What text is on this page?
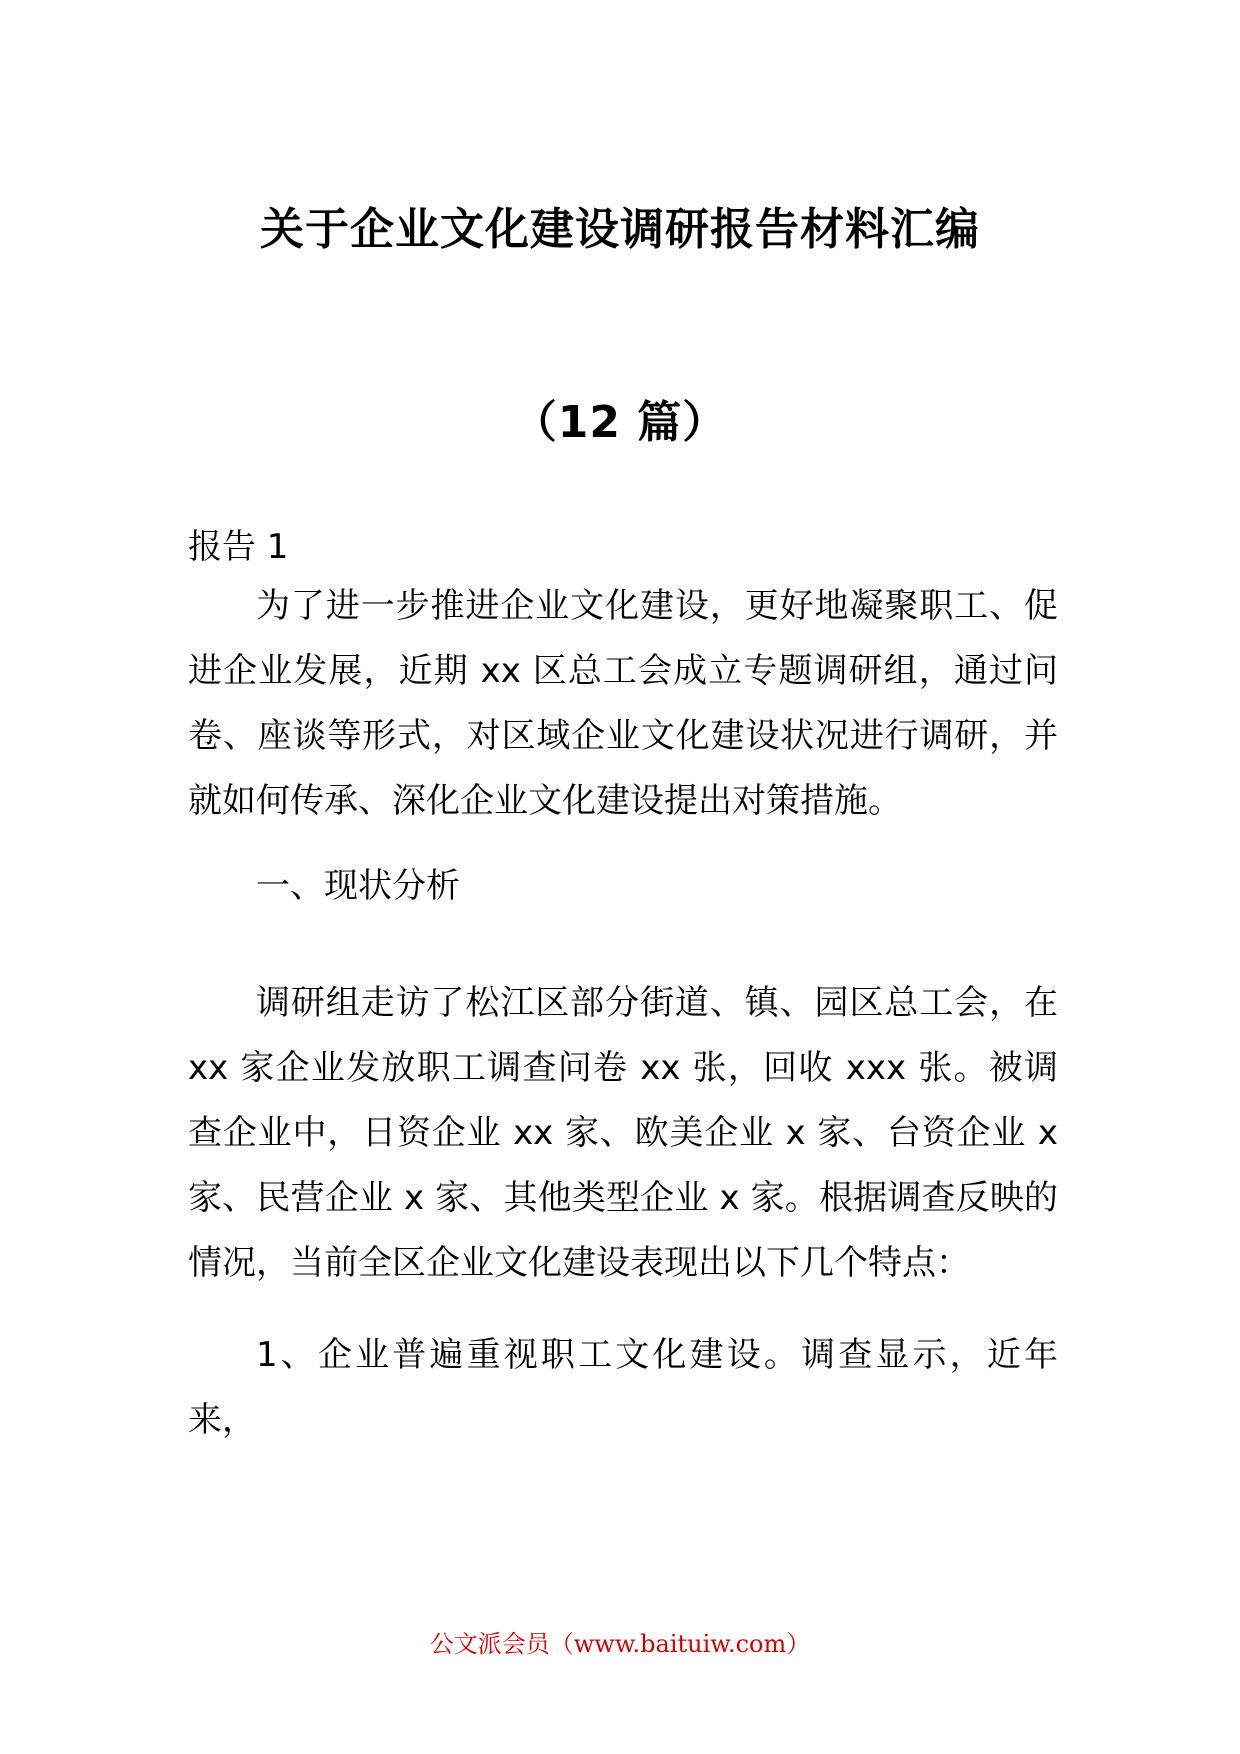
关于企业文化建设调研报告材料汇编
（12 篇）

报告 1

为了进一步推进企业文化建设，更好地凝聚职工、促进企业发展，近期 xx 区总工会成立专题调研组，通过问卷、座谈等形式，对区域企业文化建设状况进行调研，并就如何传承、深化企业文化建设提出对策措施。

一、现状分析

调研组走访了松江区部分街道、镇、园区总工会，在 xx 家企业发放职工调查问卷 xx 张，回收 xxx 张。被调查企业中，日资企业 xx 家、欧美企业 x 家、台资企业 x 家、民营企业 x 家、其他类型企业 x 家。根据调查反映的情况，当前全区企业文化建设表现出以下几个特点：

1、企业普遍重视职工文化建设。调查显示，近年来，

公文派会员（www.baituiw.com）
